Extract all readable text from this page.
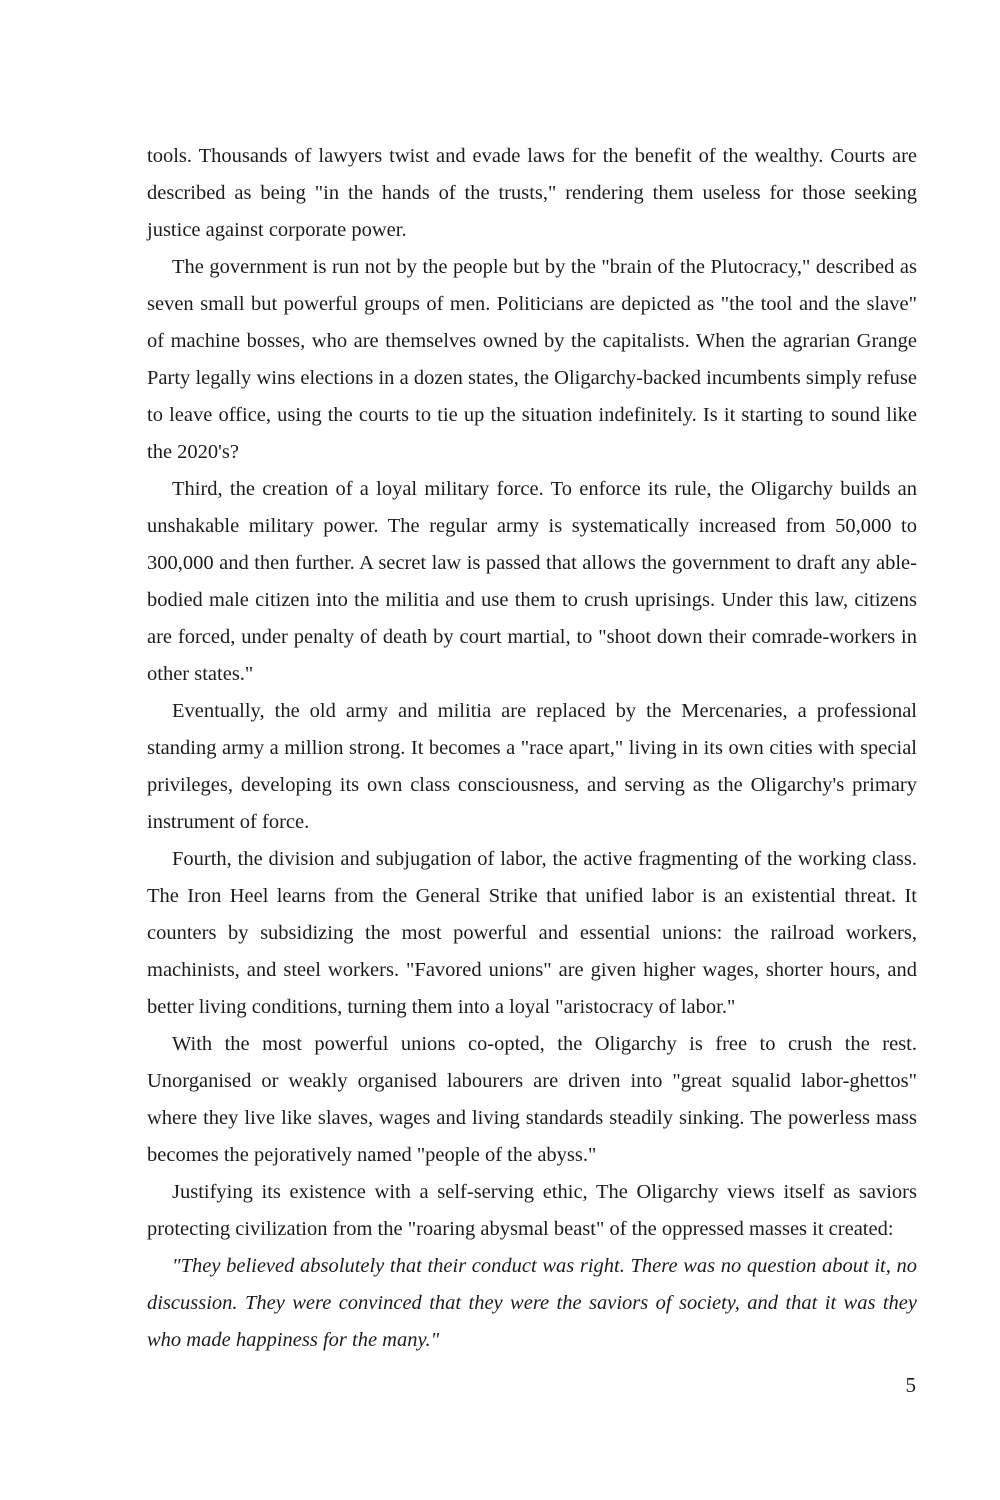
tools. Thousands of lawyers twist and evade laws for the benefit of the wealthy. Courts are described as being "in the hands of the trusts," rendering them useless for those seeking justice against corporate power.

The government is run not by the people but by the "brain of the Plutocracy," described as seven small but powerful groups of men. Politicians are depicted as "the tool and the slave" of machine bosses, who are themselves owned by the capitalists. When the agrarian Grange Party legally wins elections in a dozen states, the Oligarchy-backed incumbents simply refuse to leave office, using the courts to tie up the situation indefinitely. Is it starting to sound like the 2020's?

Third, the creation of a loyal military force. To enforce its rule, the Oligarchy builds an unshakable military power. The regular army is systematically increased from 50,000 to 300,000 and then further. A secret law is passed that allows the government to draft any able-bodied male citizen into the militia and use them to crush uprisings. Under this law, citizens are forced, under penalty of death by court martial, to "shoot down their comrade-workers in other states."

Eventually, the old army and militia are replaced by the Mercenaries, a professional standing army a million strong. It becomes a "race apart," living in its own cities with special privileges, developing its own class consciousness, and serving as the Oligarchy's primary instrument of force.

Fourth, the division and subjugation of labor, the active fragmenting of the working class. The Iron Heel learns from the General Strike that unified labor is an existential threat. It counters by subsidizing the most powerful and essential unions: the railroad workers, machinists, and steel workers. "Favored unions" are given higher wages, shorter hours, and better living conditions, turning them into a loyal "aristocracy of labor."

With the most powerful unions co-opted, the Oligarchy is free to crush the rest. Unorganised or weakly organised labourers are driven into "great squalid labor-ghettos" where they live like slaves, wages and living standards steadily sinking. The powerless mass becomes the pejoratively named "people of the abyss."

Justifying its existence with a self-serving ethic, The Oligarchy views itself as saviors protecting civilization from the "roaring abysmal beast" of the oppressed masses it created:

"They believed absolutely that their conduct was right. There was no question about it, no discussion. They were convinced that they were the saviors of society, and that it was they who made happiness for the many."

5
